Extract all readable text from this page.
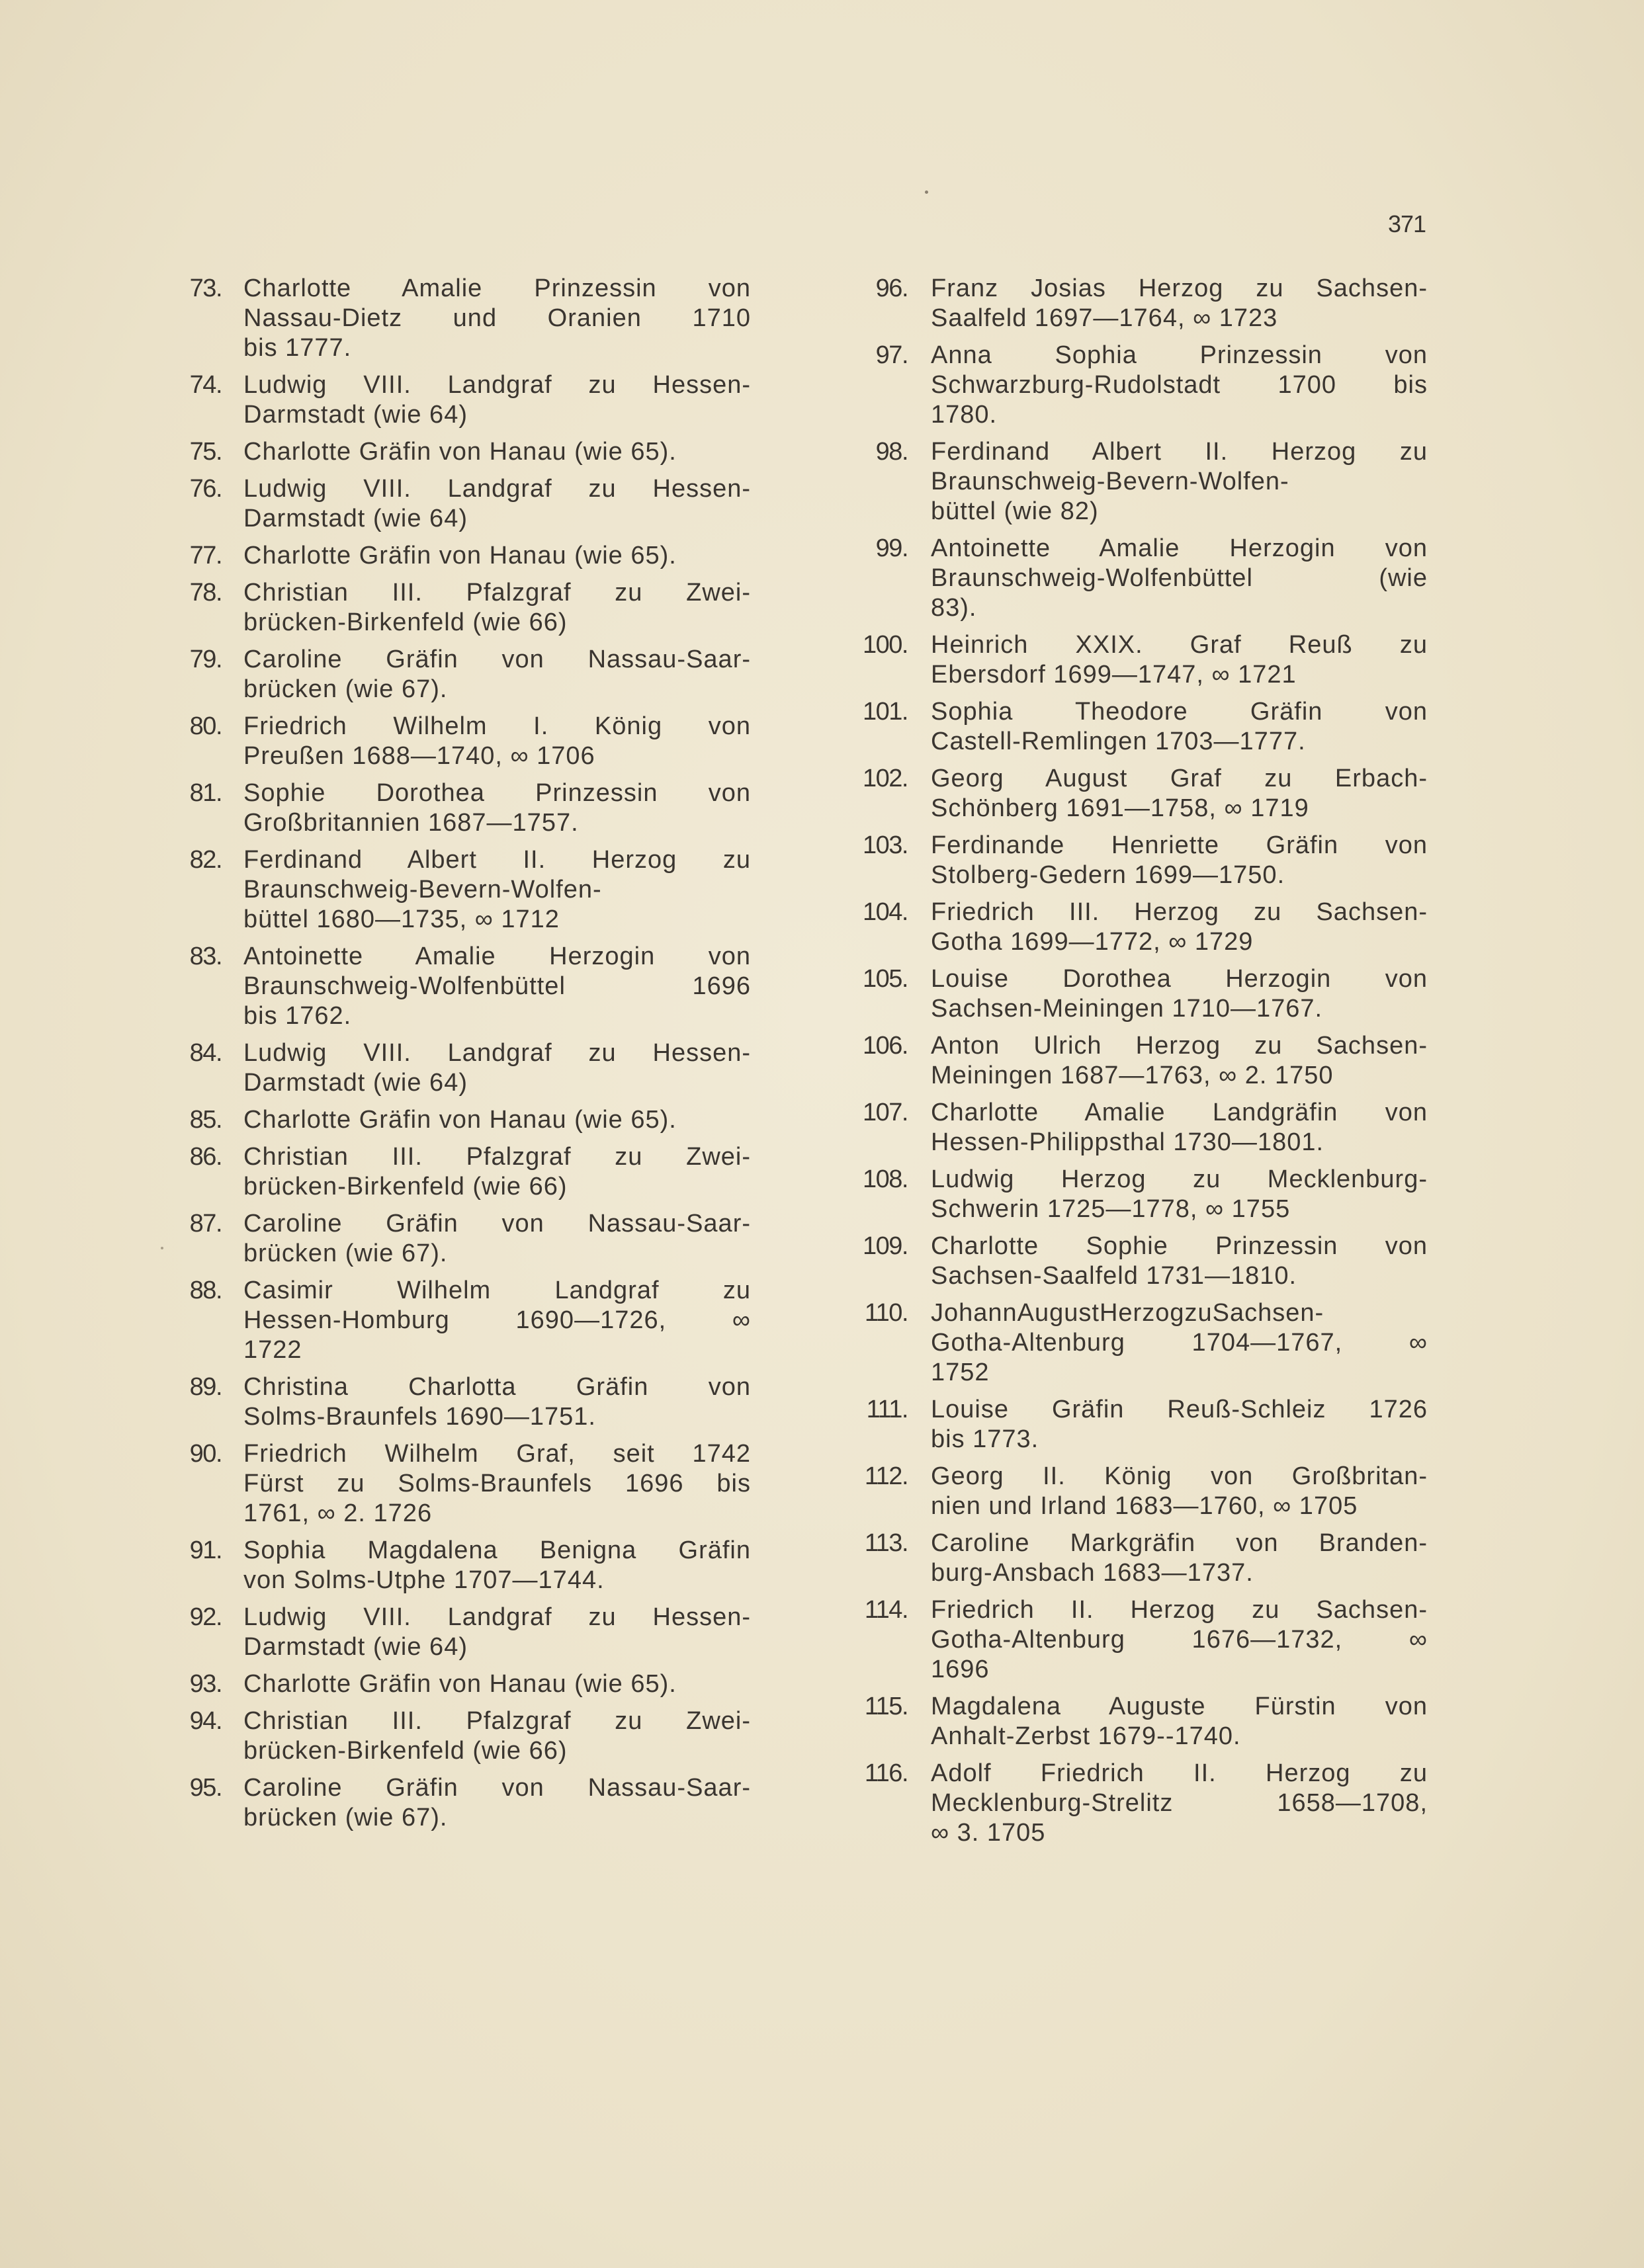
371
73. Charlotte Amalie Prinzessin von
Nassau-Dietz und Oranien 1710
bis 1777.
74. Ludwig VIII. Landgraf zu Hessen-
Darmstadt (wie 64)
75. Charlotte Gräfin von Hanau (wie 65).
76. Ludwig VIII. Landgraf zu Hessen-
Darmstadt (wie 64)
77. Charlotte Gräfin von Hanau (wie 65).
78. Christian III. Pfalzgraf zu Zwei-
brücken-Birkenfeld (wie 66)
79. Caroline Gräfin von Nassau-Saar-
brücken (wie 67).
80. Friedrich Wilhelm I. König von
Preußen 1688—1740, ∞ 1706
81. Sophie Dorothea Prinzessin von
Großbritannien 1687—1757.
82. Ferdinand Albert II. Herzog zu
Braunschweig-Bevern-Wolfen-
büttel 1680—1735, ∞ 1712
83. Antoinette Amalie Herzogin von
Braunschweig-Wolfenbüttel 1696
bis 1762.
84. Ludwig VIII. Landgraf zu Hessen-
Darmstadt (wie 64)
85. Charlotte Gräfin von Hanau (wie 65).
86. Christian III. Pfalzgraf zu Zwei-
brücken-Birkenfeld (wie 66)
87. Caroline Gräfin von Nassau-Saar-
brücken (wie 67).
88. Casimir Wilhelm Landgraf zu
Hessen-Homburg 1690—1726, ∞
1722
89. Christina Charlotta Gräfin von
Solms-Braunfels 1690—1751.
90. Friedrich Wilhelm Graf, seit 1742
Fürst zu Solms-Braunfels 1696 bis
1761, ∞ 2. 1726
91. Sophia Magdalena Benigna Gräfin
von Solms-Utphe 1707—1744.
92. Ludwig VIII. Landgraf zu Hessen-
Darmstadt (wie 64)
93. Charlotte Gräfin von Hanau (wie 65).
94. Christian III. Pfalzgraf zu Zwei-
brücken-Birkenfeld (wie 66)
95. Caroline Gräfin von Nassau-Saar-
brücken (wie 67).
96. Franz Josias Herzog zu Sachsen-
Saalfeld 1697—1764, ∞ 1723
97. Anna Sophia Prinzessin von
Schwarzburg-Rudolstadt 1700 bis
1780.
98. Ferdinand Albert II. Herzog zu
Braunschweig-Bevern-Wolfen-
büttel (wie 82)
99. Antoinette Amalie Herzogin von
Braunschweig-Wolfenbüttel (wie
83).
100. Heinrich XXIX. Graf Reuß zu
Ebersdorf 1699—1747, ∞ 1721
101. Sophia Theodore Gräfin von
Castell-Remlingen 1703—1777.
102. Georg August Graf zu Erbach-
Schönberg 1691—1758, ∞ 1719
103. Ferdinande Henriette Gräfin von
Stolberg-Gedern 1699—1750.
104. Friedrich III. Herzog zu Sachsen-
Gotha 1699—1772, ∞ 1729
105. Louise Dorothea Herzogin von
Sachsen-Meiningen 1710—1767.
106. Anton Ulrich Herzog zu Sachsen-
Meiningen 1687—1763, ∞ 2. 1750
107. Charlotte Amalie Landgräfin von
Hessen-Philippsthal 1730—1801.
108. Ludwig Herzog zu Mecklenburg-
Schwerin 1725—1778, ∞ 1755
109. Charlotte Sophie Prinzessin von
Sachsen-Saalfeld 1731—1810.
110. JohannAugustHerzogzuSachsen-
Gotha-Altenburg 1704—1767, ∞
1752
111. Louise Gräfin Reuß-Schleiz 1726
bis 1773.
112. Georg II. König von Großbritan-
nien und Irland 1683—1760, ∞ 1705
113. Caroline Markgräfin von Branden-
burg-Ansbach 1683—1737.
114. Friedrich II. Herzog zu Sachsen-
Gotha-Altenburg 1676—1732, ∞
1696
115. Magdalena Auguste Fürstin von
Anhalt-Zerbst 1679--1740.
116. Adolf Friedrich II. Herzog zu
Mecklenburg-Strelitz 1658—1708,
∞ 3. 1705
